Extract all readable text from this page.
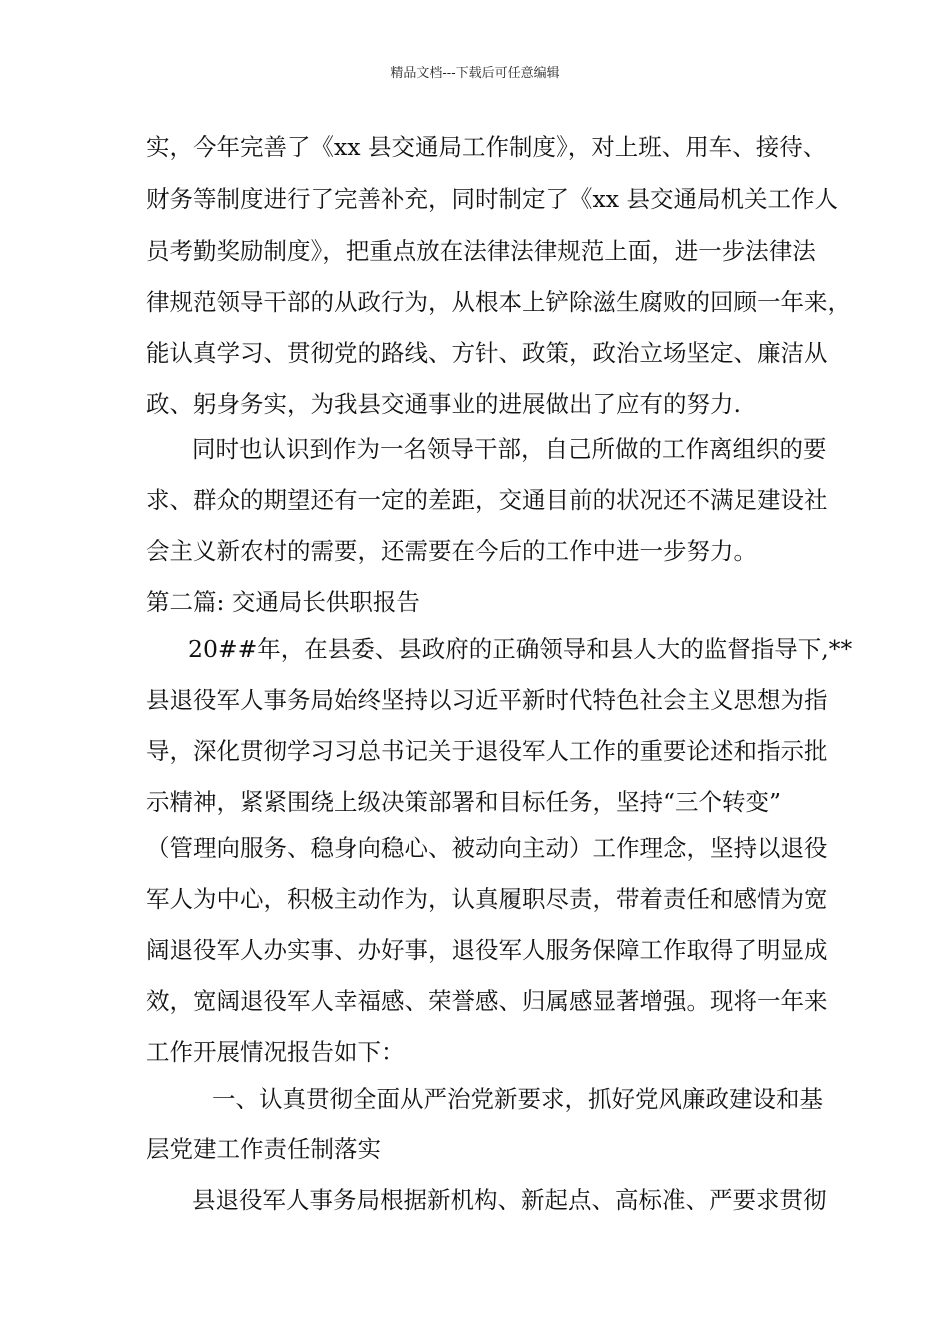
精品文档---下载后可任意编辑
实，今年完善了《xx 县交通局工作制度》，对上班、用车、接待、
财务等制度进行了完善补充，同时制定了《xx 县交通局机关工作人
员考勤奖励制度》，把重点放在法律法律规范上面，进一步法律法
律规范领导干部的从政行为，从根本上铲除滋生腐败的回顾一年来，
能认真学习、贯彻党的路线、方针、政策，政治立场坚定、廉洁从
政、躬身务实，为我县交通事业的进展做出了应有的努力.
同时也认识到作为一名领导干部，自己所做的工作离组织的要
求、群众的期望还有一定的差距，交通目前的状况还不满足建设社
会主义新农村的需要，还需要在今后的工作中进一步努力。
第二篇: 交通局长供职报告
20##年，在县委、县政府的正确领导和县人大的监督指导下,**
县退役军人事务局始终坚持以习近平新时代特色社会主义思想为指
导，深化贯彻学习习总书记关于退役军人工作的重要论述和指示批
示精神，紧紧围绕上级决策部署和目标任务，坚持“三个转变”
（管理向服务、稳身向稳心、被动向主动）工作理念，坚持以退役
军人为中心，积极主动作为，认真履职尽责，带着责任和感情为宽
阔退役军人办实事、办好事，退役军人服务保障工作取得了明显成
效，宽阔退役军人幸福感、荣誉感、归属感显著增强。现将一年来
工作开展情况报告如下：
一、认真贯彻全面从严治党新要求，抓好党风廉政建设和基
层党建工作责任制落实
县退役军人事务局根据新机构、新起点、高标准、严要求贯彻
